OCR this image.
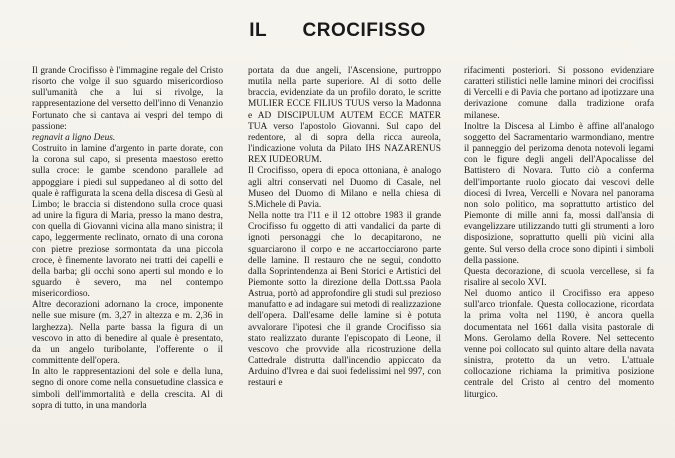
IL CROCIFISSO

Il grande Crocifisso è l'immagine regale del Cristo risorto che volge il suo sguardo misericordioso sull'umanità che a lui si rivolge, la rappresentazione del versetto dell'inno di Venanzio Fortunato che si cantava ai vespri del tempo di passione:

regnavit a ligno Deus.

Costruito in lamine d'argento in parte dorate, con la corona sul capo, si presenta maestoso eretto sulla croce: le gambe scendono parallele ad appoggiare i piedi sul suppedaneo al di sotto del quale è raffigurata la scena della discesa di Gesù al Limbo; le braccia si distendono sulla croce quasi ad unire la figura di Maria, presso la mano destra, con quella di Giovanni vicina alla mano sinistra; il capo, leggermente reclinato, ornato di una corona con pietre preziose sormontata da una piccola croce, è finemente lavorato nei tratti dei capelli e della barba; gli occhi sono aperti sul mondo e lo sguardo è severo, ma nel contempo misericordioso.

Altre decorazioni adornano la croce, imponente nelle sue misure (m. 3,27 in altezza e m. 2,36 in larghezza). Nella parte bassa la figura di un vescovo in atto di benedire al quale è presentato, da un angelo turibolante, l'offerente o il committente dell'opera.

In alto le rappresentazioni del sole e della luna, segno di onore come nella consuetudine classica e simboli dell'immortalità e della crescita. Al di sopra di tutto, in una mandorla

portata da due angeli, l'Ascensione, purtroppo mutila nella parte superiore. Al di sotto delle braccia, evidenziate da un profilo dorato, le scritte MULIER ECCE FILIUS TUUS verso la Madonna e AD DISCIPULUM AUTEM ECCE MATER TUA verso l'apostolo Giovanni. Sul capo del redentore, al di sopra della ricca aureola, l'indicazione voluta da Pilato IHS NAZARENUS REX IUDEORUM.

Il Crocifisso, opera di epoca ottoniana, è analogo agli altri conservati nel Duomo di Casale, nel Museo del Duomo di Milano e nella chiesa di S.Michele di Pavia.

Nella notte tra l'11 e il 12 ottobre 1983 il grande Crocifisso fu oggetto di atti vandalici da parte di ignoti personaggi che lo decapitarono, ne sguarciarono il corpo e ne accartocciarono parte delle lamine. Il restauro che ne seguì, condotto dalla Soprintendenza ai Beni Storici e Artistici del Piemonte sotto la direzione della Dott.ssa Paola Astrua, portò ad approfondire gli studi sul prezioso manufatto e ad indagare sui metodi di realizzazione dell'opera. Dall'esame delle lamine si è potuta avvalorare l'ipotesi che il grande Crocifisso sia stato realizzato durante l'episcopato di Leone, il vescovo che provvide alla ricostruzione della Cattedrale distrutta dall'incendio appiccato da Arduino d'Ivrea e dai suoi fedelissimi nel 997, con restauri e

rifacimenti posteriori. Si possono evidenziare caratteri stilistici nelle lamine minori dei crocifissi di Vercelli e di Pavia che portano ad ipotizzare una derivazione comune dalla tradizione orafa milanese.

Inoltre la Discesa al Limbo è affine all'analogo soggetto del Sacramentario warmondiano, mentre il panneggio del perizoma denota notevoli legami con le figure degli angeli dell'Apocalisse del Battistero di Novara. Tutto ciò a conferma dell'importante ruolo giocato dai vescovi delle diocesi di Ivrea, Vercelli e Novara nel panorama non solo politico, ma soprattutto artistico del Piemonte di mille anni fa, mossi dall'ansia di evangelizzare utilizzando tutti gli strumenti a loro disposizione, soprattutto quelli più vicini alla gente. Sul verso della croce sono dipinti i simboli della passione.

Questa decorazione, di scuola vercellese, si fa risalire al secolo XVI.

Nel duomo antico il Crocifisso era appeso sull'arco trionfale. Questa collocazione, ricordata la prima volta nel 1190, è ancora quella documentata nel 1661 dalla visita pastorale di Mons. Gerolamo della Rovere. Nel settecento venne poi collocato sul quinto altare della navata sinistra, protetto da un vetro. L'attuale collocazione richiama la primitiva posizione centrale del Cristo al centro del momento liturgico.
